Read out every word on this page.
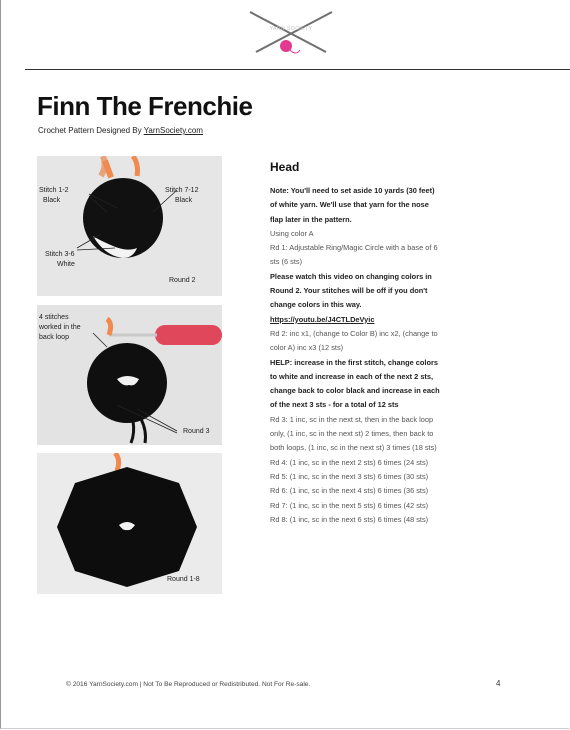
YARN SOCIETY
Finn The Frenchie
Crochet Pattern Designed By YarnSociety.com
Stitch 1-2
Black
Stitch 7-12
Black
Stitch 3-6
White
Round 2
4 stitches
worked in the
back loop
Round 3
Round 1-8
Head
Note: You'll need to set aside 10 yards (30 feet)
of white yarn. We'll use that yarn for the nose
flap later in the pattern.
Using color A
Rd 1: Adjustable Ring/Magic Circle with a base of 6
sts (6 sts)
Please watch this video on changing colors in
Round 2. Your stitches will be off if you don't
change colors in this way.
https://youtu.be/J4CTLDeVyic
Rd 2: inc x1, (change to Color B) inc x2, (change to
color A) inc x3 (12 sts)
HELP: increase in the first stitch, change colors
to white and increase in each of the next 2 sts,
change back to color black and increase in each
of the next 3 sts - for a total of 12 sts
Rd 3: 1 inc, sc in the next st, then in the back loop
only, (1 inc, sc in the next st) 2 times, then back to
both loops, (1 inc, sc in the next st) 3 times (18 sts)
Rd 4: (1 inc, sc in the next 2 sts) 6 times (24 sts)
Rd 5: (1 inc, sc in the next 3 sts) 6 times (30 sts)
Rd 6: (1 inc, sc in the next 4 sts) 6 times (36 sts)
Rd 7: (1 inc, sc in the next 5 sts) 6 times (42 sts)
Rd 8: (1 inc, sc in the next 6 sts) 6 times (48 sts)
© 2016 YarnSociety.com | Not To Be Reproduced or Redistributed. Not For Re-sale.	4
